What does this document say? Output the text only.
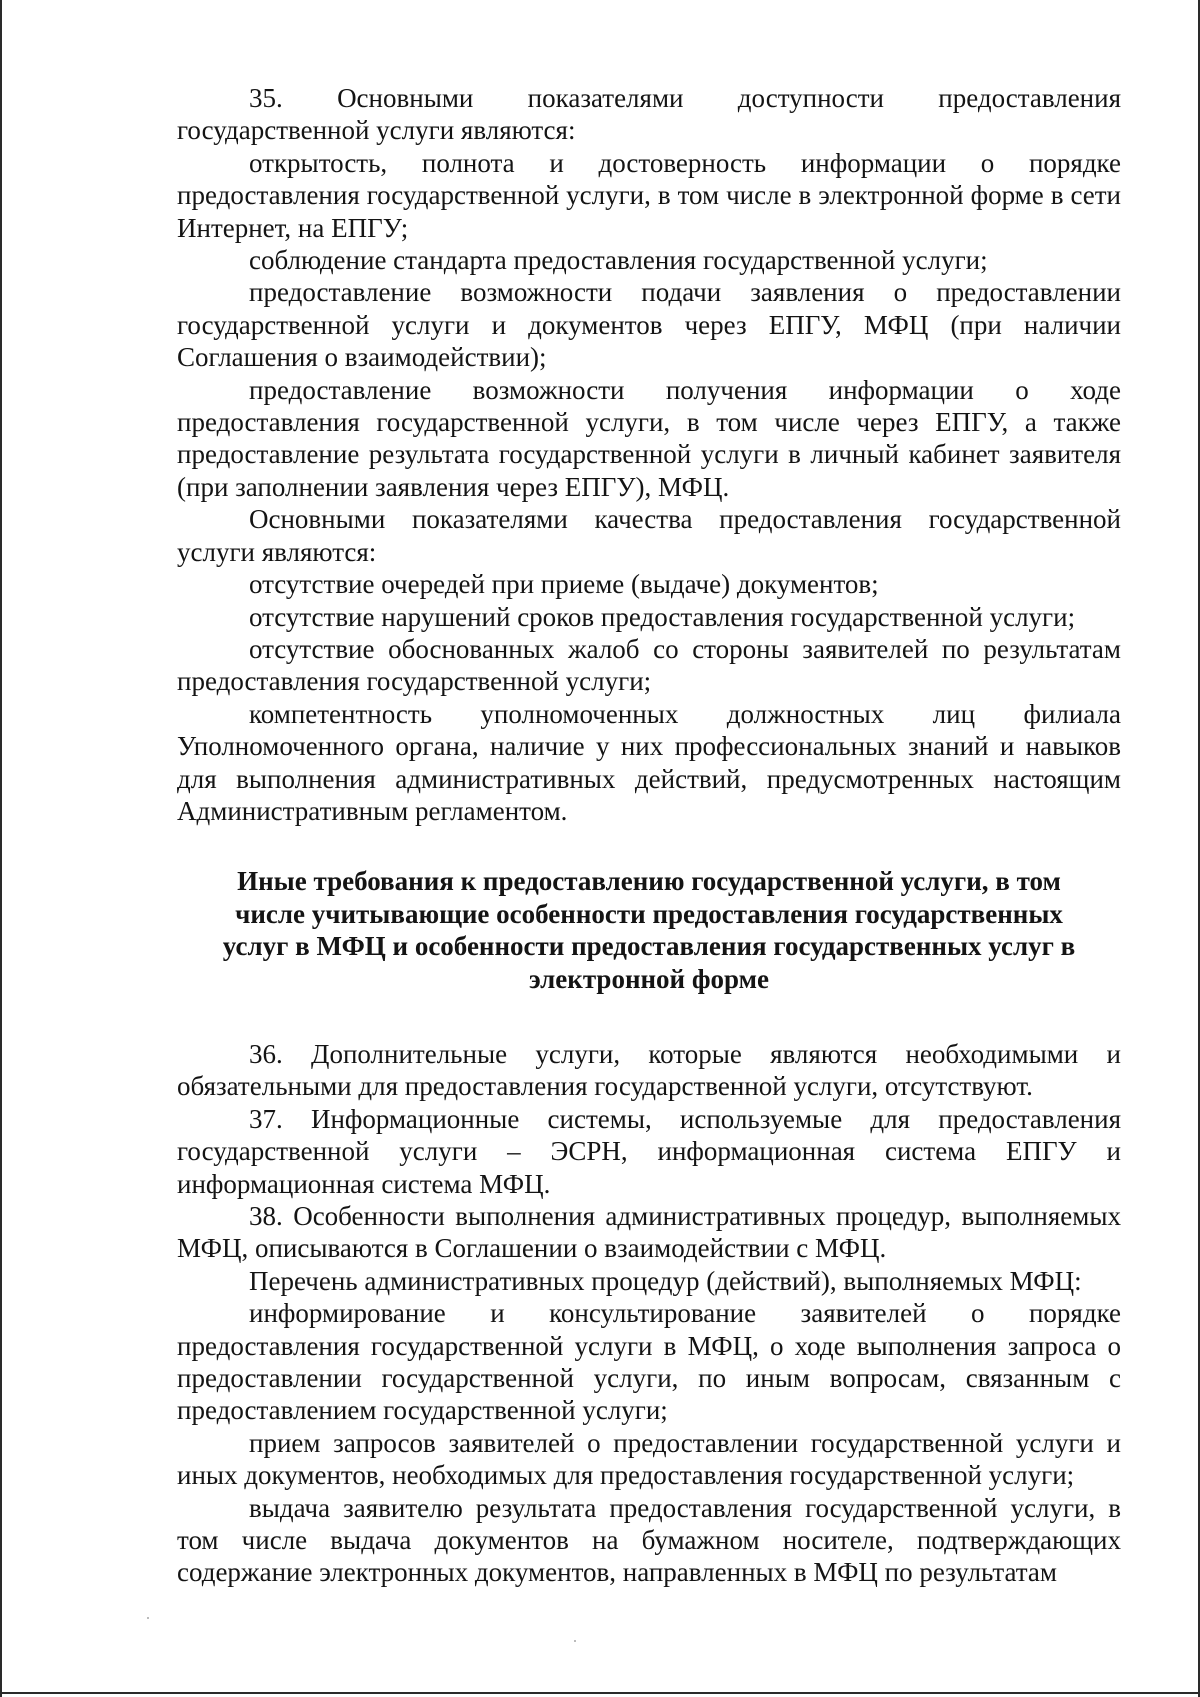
35. Основными показателями доступности предоставления государственной услуги являются:

открытость, полнота и достоверность информации о порядке предоставления государственной услуги, в том числе в электронной форме в сети Интернет, на ЕПГУ;

соблюдение стандарта предоставления государственной услуги;

предоставление возможности подачи заявления о предоставлении государственной услуги и документов через ЕПГУ, МФЦ (при наличии Соглашения о взаимодействии);

предоставление возможности получения информации о ходе предоставления государственной услуги, в том числе через ЕПГУ, а также предоставление результата государственной услуги в личный кабинет заявителя (при заполнении заявления через ЕПГУ), МФЦ.

Основными показателями качества предоставления государственной услуги являются:

отсутствие очередей при приеме (выдаче) документов;

отсутствие нарушений сроков предоставления государственной услуги;

отсутствие обоснованных жалоб со стороны заявителей по результатам предоставления государственной услуги;

компетентность уполномоченных должностных лиц филиала Уполномоченного органа, наличие у них профессиональных знаний и навыков для выполнения административных действий, предусмотренных настоящим Административным регламентом.

Иные требования к предоставлению государственной услуги, в том числе учитывающие особенности предоставления государственных услуг в МФЦ и особенности предоставления государственных услуг в электронной форме

36. Дополнительные услуги, которые являются необходимыми и обязательными для предоставления государственной услуги, отсутствуют.

37. Информационные системы, используемые для предоставления государственной услуги – ЭСРН, информационная система ЕПГУ и информационная система МФЦ.

38. Особенности выполнения административных процедур, выполняемых МФЦ, описываются в Соглашении о взаимодействии с МФЦ.

Перечень административных процедур (действий), выполняемых МФЦ:

информирование и консультирование заявителей о порядке предоставления государственной услуги в МФЦ, о ходе выполнения запроса о предоставлении государственной услуги, по иным вопросам, связанным с предоставлением государственной услуги;

прием запросов заявителей о предоставлении государственной услуги и иных документов, необходимых для предоставления государственной услуги;

выдача заявителю результата предоставления государственной услуги, в том числе выдача документов на бумажном носителе, подтверждающих содержание электронных документов, направленных в МФЦ по результатам
